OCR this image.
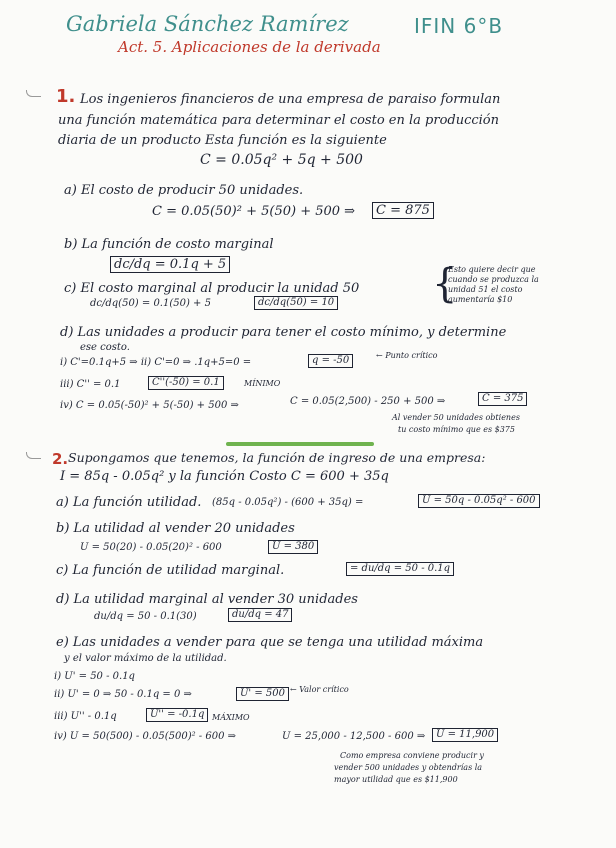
Gabriela Sánchez Ramírez	IFIN 6°B
Act. 5. Aplicaciones de la derivada
1. Los ingenieros financieros de una empresa de paraiso formulan
una función matemática para determinar el costo en la producción
diaria de un producto Esta función es la siguiente
C = 0.05q² + 5q + 500
a) El costo de producir 50 unidades.
C = 0.05(50)² + 5(50) + 500 ⇒	C = 875
b) La función de costo marginal
dc/dq = 0.1q + 5
c) El costo marginal al producir la unidad 50
dc/dq(50) = 0.1(50) + 5	dc/dq(50) = 10 {
Esto quiere decir que
cuando se produzca la
unidad 51 el costo
aumentaría $10
d) Las unidades a producir para tener el costo mínimo, y determine
ese costo.
i) C'=0.1q+5 ⇒ ii) C'=0 ⇒ .1q+5=0 =	q = -50	← Punto crítico
iii) C'' = 0.1	C''(-50) = 0.1	MÍNIMO
iv) C = 0.05(-50)² + 5(-50) + 500 ⇒	C = 0.05(2,500) - 250 + 500 ⇒	C = 375
Al vender 50 unidades obtienes
tu costo mínimo que es $375
2. Supongamos que tenemos, la función de ingreso de una empresa:
I = 85q - 0.05q² y la función Costo C = 600 + 35q
a) La función utilidad. (85q - 0.05q²) - (600 + 35q) =	U = 50q - 0.05q² - 600
b) La utilidad al vender 20 unidades
U = 50(20) - 0.05(20)² - 600	U = 380
c) La función de utilidad marginal.	= du/dq = 50 - 0.1q
d) La utilidad marginal al vender 30 unidades
du/dq = 50 - 0.1(30)	du/dq = 47
e) Las unidades a vender para que se tenga una utilidad máxima
y el valor máximo de la utilidad.
i) U' = 50 - 0.1q
ii) U' = 0 ⇒ 50 - 0.1q = 0 ⇒	U' = 500 ← Valor crítico
iii) U'' - 0.1q	U'' = -0.1q MÁXIMO
iv) U = 50(500) - 0.05(500)² - 600 ⇒	U = 25,000 - 12,500 - 600 ⇒	U = 11,900
Como empresa conviene producir y
vender 500 unidades y obtendrías la
mayor utilidad que es $11,900
